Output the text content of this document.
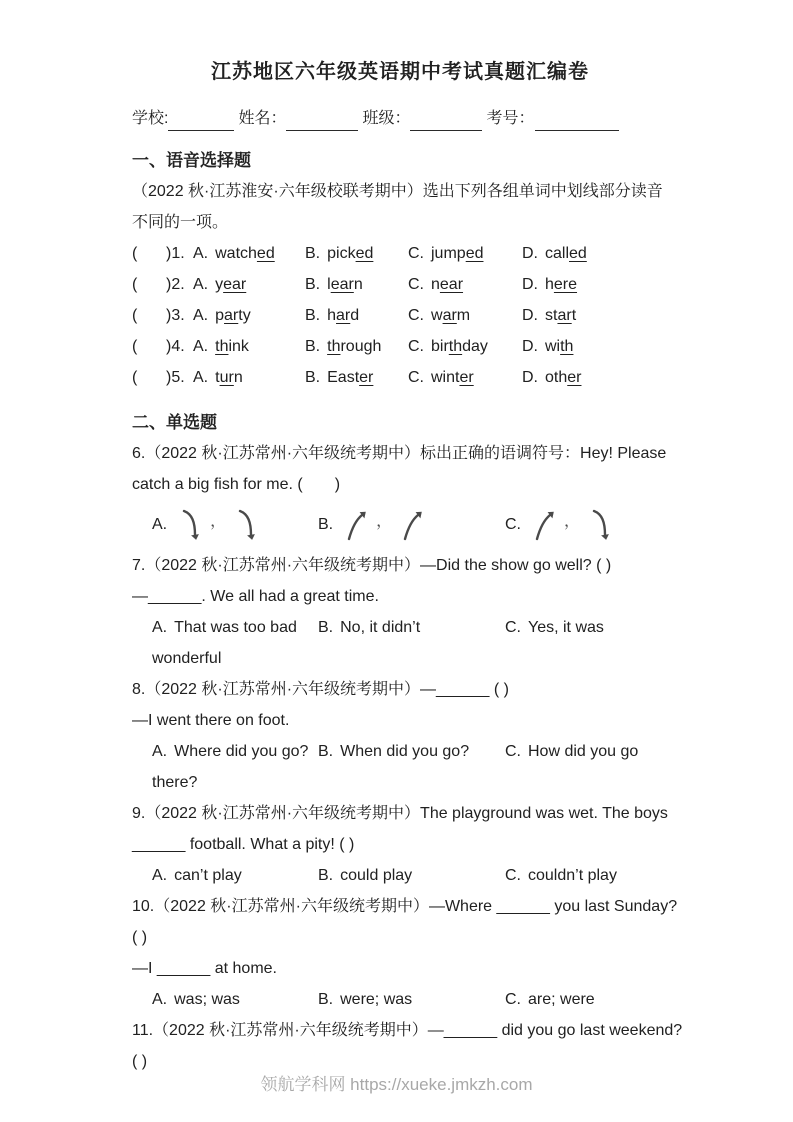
江苏地区六年级英语期中考试真题汇编卷
学校:	姓名：	班级：	考号：
一、语音选择题

（2022 秋·江苏淮安·六年级校联考期中）选出下列各组单词中划线部分读音

不同的一项。

(	)1. A. watched	B. picked	C. jumped	D. called
(	)2. A. year	B. learn	C. near	D. here
(	)3. A. party	B. hard	C. warm	D. start
(	)4. A. think	B. through	C. birthday	D. with
(	)5. A. turn	B. Easter	C. winter	D. other
二、单选题

6.（2022 秋·江苏常州·六年级统考期中）标出正确的语调符号：Hey! Please

catch a big fish for me. (　　)

A.	，	B.	，	C.	，

7.（2022 秋·江苏常州·六年级统考期中）—Did the show go well? ( )

—______. We all had a great time.

A. That was too bad	B. No, it didn’t	C. Yes, it was

wonderful

8.（2022 秋·江苏常州·六年级统考期中）—______ ( )

—I went there on foot.

A. Where did you go? B. When did you go?	C. How did you go

there?

9.（2022 秋·江苏常州·六年级统考期中）The playground was wet. The boys

______ football. What a pity! ( )

A. can’t play	B. could play	C. couldn’t play

10.（2022 秋·江苏常州·六年级统考期中）—Where ______ you last Sunday?

( )

—I ______ at home.

A. was; was	B. were; was	C. are; were

11.（2022 秋·江苏常州·六年级统考期中）—______ did you go last weekend?

( )

领航学科网 https://xueke.jmkzh.com
